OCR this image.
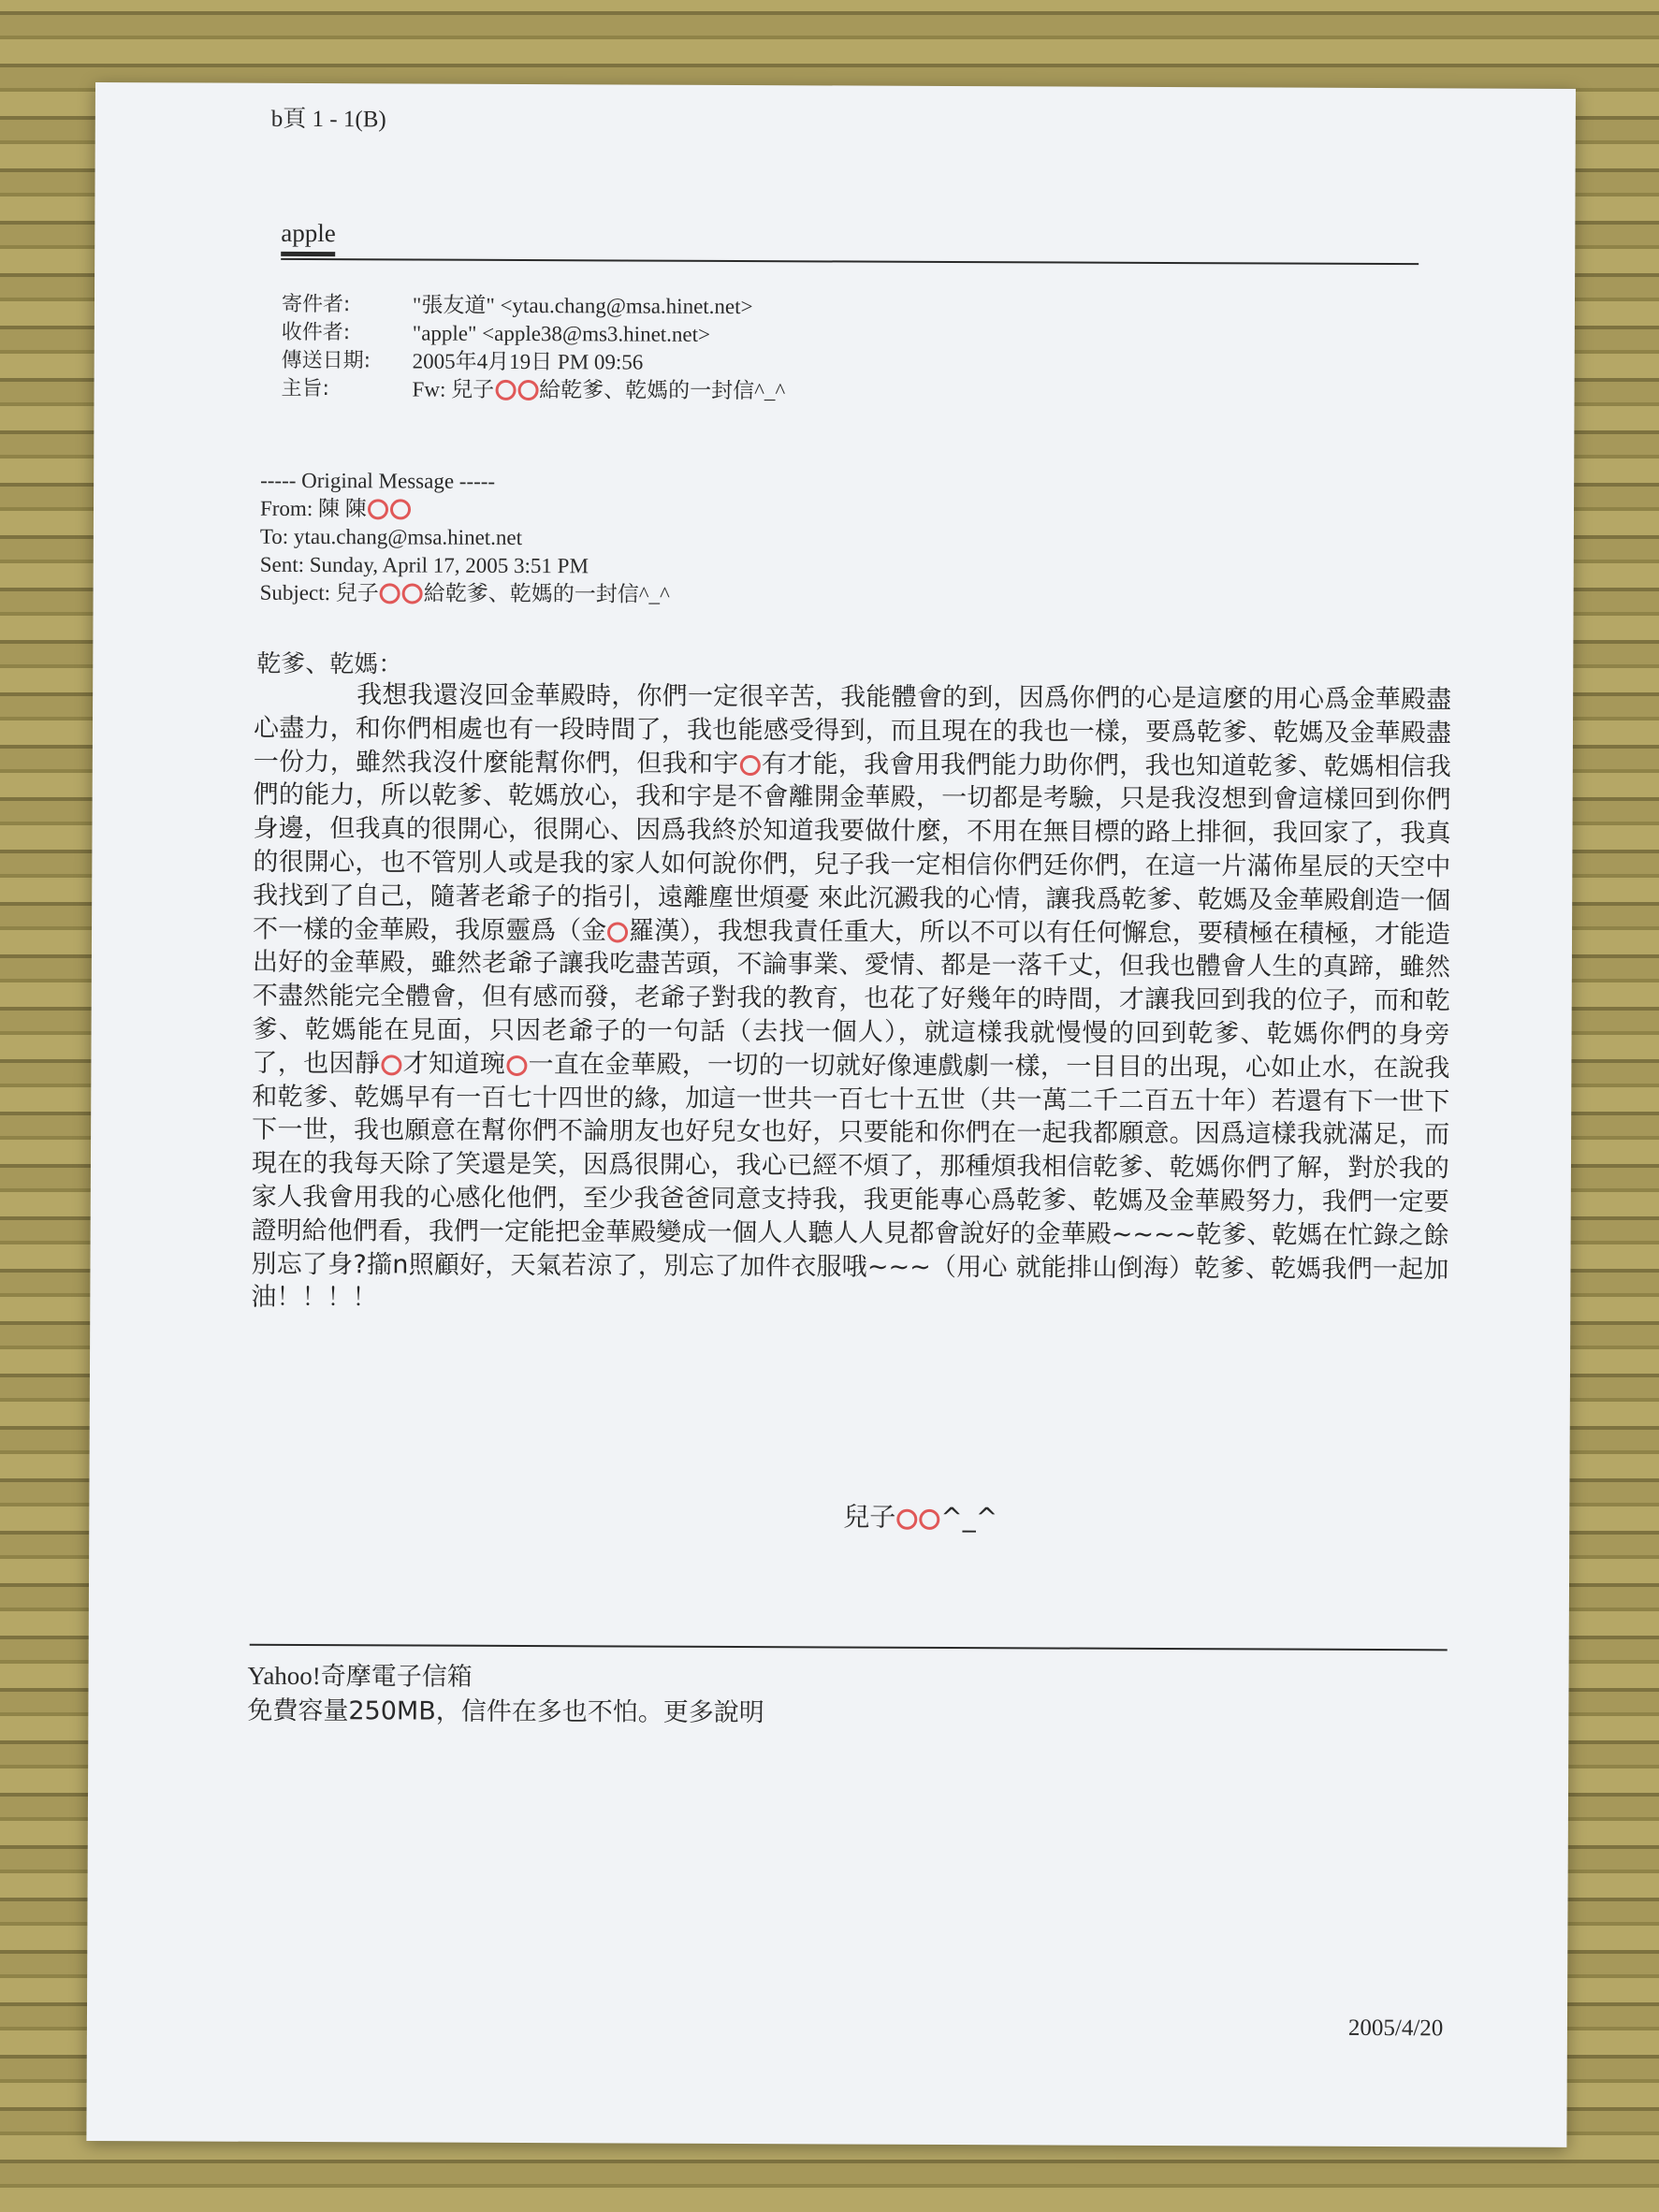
b頁 1 - 1(B)
apple
寄件者:	"張友道" <ytau.chang@msa.hinet.net>
收件者:	"apple" <apple38@ms3.hinet.net>
傳送日期:	2005年4月19日 PM 09:56
主旨:	Fw: 兒子 給乾爹、乾媽的一封信^_^
----- Original Message -----
From: 陳 陳
To: ytau.chang@msa.hinet.net
Sent: Sunday, April 17, 2005 3:51 PM
Subject: 兒子 給乾爹、乾媽的一封信^_^
乾爹、乾媽：

我想我還沒回金華殿時，你們一定很辛苦，我能體會的到，因爲你們的心是這麼的用心爲金華殿盡心盡力，和你們相處也有一段時間了，我也能感受得到，而且現在的我也一樣，要爲乾爹、乾媽及金華殿盡一份力，雖然我沒什麼能幫你們，但我和宇 有才能，我會用我們能力助你們，我也知道乾爹、乾媽相信我們的能力，所以乾爹、乾媽放心，我和宇是不會離開金華殿，一切都是考驗，只是我沒想到會這樣回到你們身邊，但我真的很開心，很開心、因爲我終於知道我要做什麼，不用在無目標的路上排徊，我回家了，我真的很開心，也不管別人或是我的家人如何說你們，兒子我一定相信你們廷你們，在這一片滿佈星辰的天空中 我找到了自己，隨著老爺子的指引，遠離塵世煩憂 來此沉澱我的心情，讓我爲乾爹、乾媽及金華殿創造一個不一樣的金華殿，我原靈爲（金 羅漢），我想我責任重大，所以不可以有任何懈怠，要積極在積極，才能造出好的金華殿，雖然老爺子讓我吃盡苦頭，不論事業、愛情、都是一落千丈，但我也體會人生的真蹄，雖然不盡然能完全體會，但有感而發，老爺子對我的教育，也花了好幾年的時間，才讓我回到我的位子，而和乾爹、乾媽能在見面，只因老爺子的一句話（去找一個人），就這樣我就慢慢的回到乾爹、乾媽你們的身旁了，也因靜 才知道琬 一直在金華殿，一切的一切就好像連戲劇一樣，一目目的出現，心如止水，在說我和乾爹、乾媽早有一百七十四世的緣，加這一世共一百七十五世（共一萬二千二百五十年）若還有下一世下下一世，我也願意在幫你們不論朋友也好兒女也好，只要能和你們在一起我都願意。因爲這樣我就滿足，而現在的我每天除了笑還是笑，因爲很開心，我心已經不煩了，那種煩我相信乾爹、乾媽你們了解，對於我的家人我會用我的心感化他們，至少我爸爸同意支持我，我更能專心爲乾爹、乾媽及金華殿努力，我們一定要證明給他們看，我們一定能把金華殿變成一個人人聽人人見都會說好的金華殿~~~~乾爹、乾媽在忙錄之餘別忘了身?擶n照顧好，天氣若涼了，別忘了加件衣服哦~~~（用心 就能排山倒海）乾爹、乾媽我們一起加油！！！！

兒子 ^_^
Yahoo!奇摩電子信箱
免費容量250MB，信件在多也不怕。更多說明
2005/4/20
